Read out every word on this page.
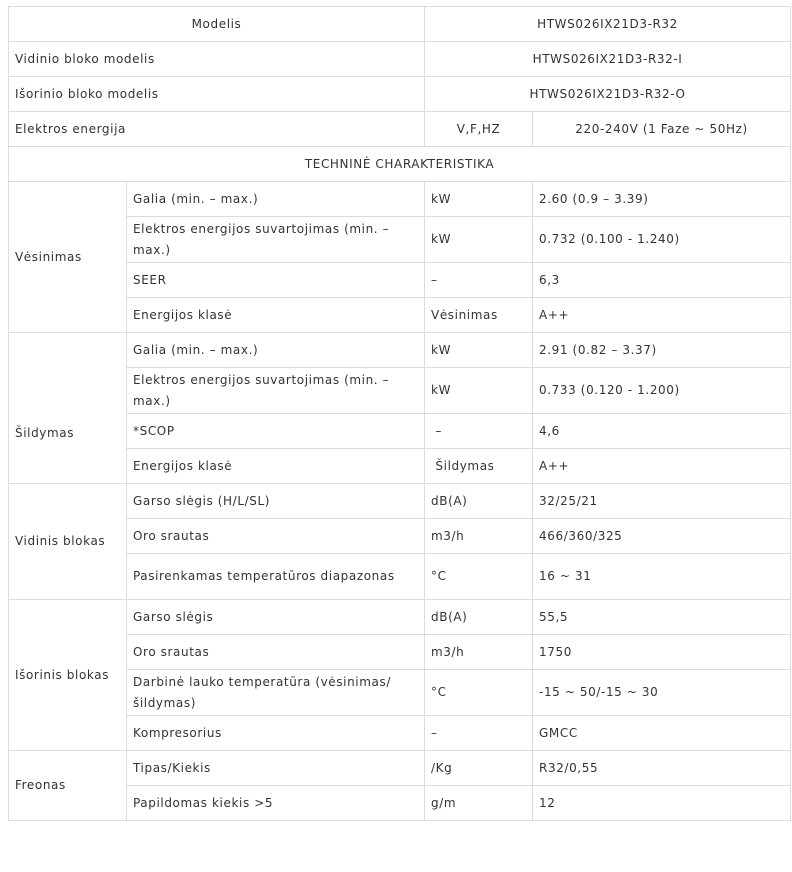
Modelis		HTWS026IX21D3-R32	
Vidinio bloko modelis		HTWS026IX21D3-R32-I	
Išorinio bloko modelis		HTWS026IX21D3-R32-O	
Elektros energija		V,F,HZ	220-240V (1 Faze ~ 50Hz)
TECHNINĖ CHARAKTERISTIKA			
Vėsinimas	Galia (min. – max.)	kW	2.60 (0.9 – 3.39)
	Elektros energijos suvartojimas (min. – max.)	kW	0.732 (0.100 - 1.240)
	SEER	–	6,3
	Energijos klasė	Vėsinimas	A++
Šildymas	Galia (min. – max.)	kW	2.91 (0.82 – 3.37)
	Elektros energijos suvartojimas (min. – max.)	kW	0.733 (0.120 - 1.200)
	*SCOP	–	4,6
	Energijos klasė	Šildymas	A++
Vidinis blokas	Garso slėgis (H/L/SL)	dB(A)	32/25/21
	Oro srautas	m3/h	466/360/325
	Pasirenkamas temperatūros diapazonas	°C	16 ~ 31
Išorinis blokas	Garso slėgis	dB(A)	55,5
	Oro srautas	m3/h	1750
	Darbinė lauko temperatūra (vėsinimas/ šildymas)	°C	-15 ~ 50/-15 ~ 30
	Kompresorius	–	GMCC
Freonas	Tipas/Kiekis	/Kg	R32/0,55
	Papildomas kiekis >5	g/m	12
